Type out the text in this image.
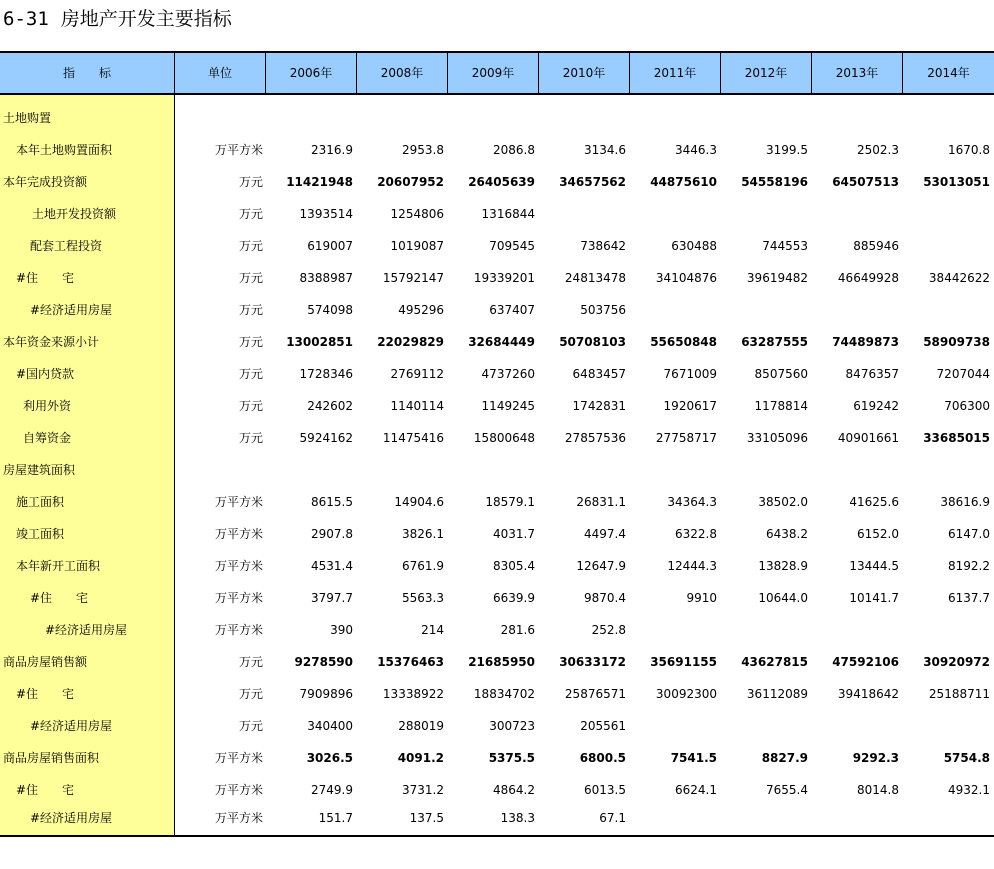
6-31 房地产开发主要指标
指　　标	单位	2006年	2008年	2009年	2010年	2011年	2012年	2013年	2014年
土地购置
本年土地购置面积	万平方米	2316.9	2953.8	2086.8	3134.6	3446.3	3199.5	2502.3	1670.8
本年完成投资额	万元	11421948	20607952	26405639	34657562	44875610	54558196	64507513	53013051
土地开发投资额	万元	1393514	1254806	1316844
配套工程投资	万元	619007	1019087	709545	738642	630488	744553	885946
#住　　宅	万元	8388987	15792147	19339201	24813478	34104876	39619482	46649928	38442622
#经济适用房屋	万元	574098	495296	637407	503756
本年资金来源小计	万元	13002851	22029829	32684449	50708103	55650848	63287555	74489873	58909738
#国内贷款	万元	1728346	2769112	4737260	6483457	7671009	8507560	8476357	7207044
利用外资	万元	242602	1140114	1149245	1742831	1920617	1178814	619242	706300
自筹资金	万元	5924162	11475416	15800648	27857536	27758717	33105096	40901661	33685015
房屋建筑面积
施工面积	万平方米	8615.5	14904.6	18579.1	26831.1	34364.3	38502.0	41625.6	38616.9
竣工面积	万平方米	2907.8	3826.1	4031.7	4497.4	6322.8	6438.2	6152.0	6147.0
本年新开工面积	万平方米	4531.4	6761.9	8305.4	12647.9	12444.3	13828.9	13444.5	8192.2
#住　　宅	万平方米	3797.7	5563.3	6639.9	9870.4	9910	10644.0	10141.7	6137.7
#经济适用房屋	万平方米	390	214	281.6	252.8
商品房屋销售额	万元	9278590	15376463	21685950	30633172	35691155	43627815	47592106	30920972
#住　　宅	万元	7909896	13338922	18834702	25876571	30092300	36112089	39418642	25188711
#经济适用房屋	万元	340400	288019	300723	205561
商品房屋销售面积	万平方米	3026.5	4091.2	5375.5	6800.5	7541.5	8827.9	9292.3	5754.8
#住　　宅	万平方米	2749.9	3731.2	4864.2	6013.5	6624.1	7655.4	8014.8	4932.1
#经济适用房屋	万平方米	151.7	137.5	138.3	67.1
